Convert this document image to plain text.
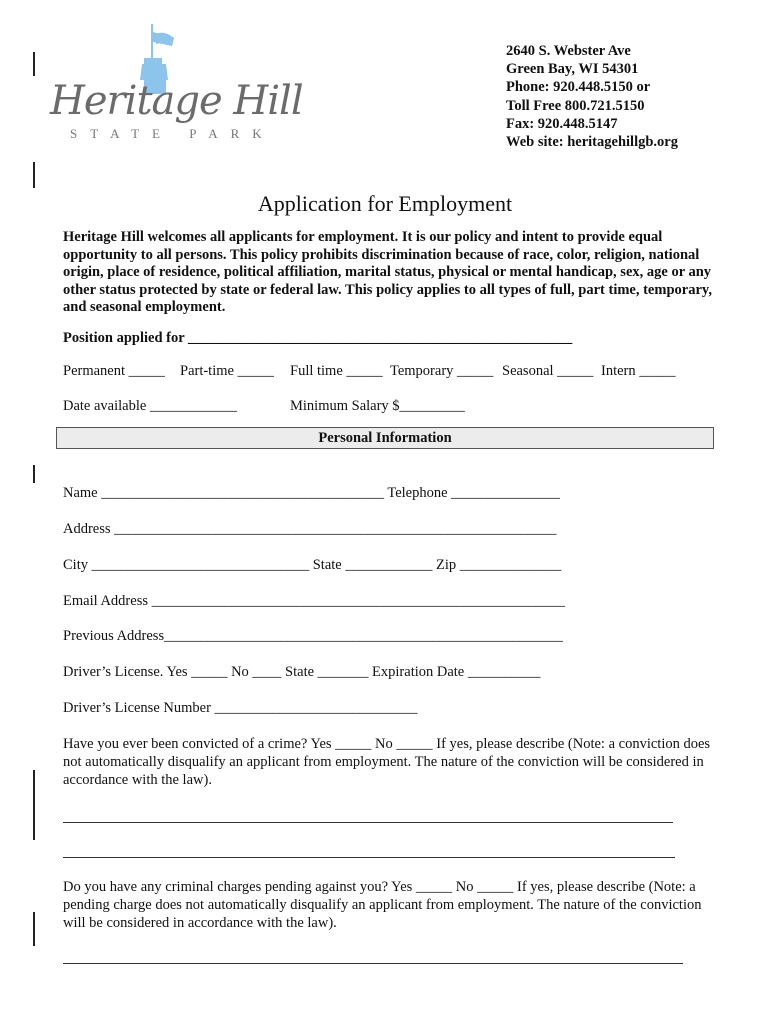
Heritage Hill
STATE PARK
2640 S. Webster Ave
Green Bay, WI 54301
Phone: 920.448.5150 or
Toll Free 800.721.5150
Fax: 920.448.5147
Web site: heritagehillgb.org
Application for Employment
Heritage Hill welcomes all applicants for employment. It is our policy and intent to provide equal opportunity to all persons. This policy prohibits discrimination because of race, color, religion, national origin, place of residence, political affiliation, marital status, physical or mental handicap, sex, age or any other status protected by state or federal law. This policy applies to all types of full, part time, temporary, and seasonal employment.
Position applied for _____________________________________________________
Permanent _____ Part-time _____ Full time _____ Temporary _____ Seasonal _____ Intern _____
Date available ____________	Minimum Salary $_________
Personal Information
Name _______________________________________ Telephone _______________
Address _____________________________________________________________
City ______________________________ State ____________ Zip ______________
Email Address _________________________________________________________
Previous Address_______________________________________________________
Driver’s License. Yes _____ No ____ State _______ Expiration Date __________
Driver’s License Number ____________________________
Have you ever been convicted of a crime? Yes _____ No _____ If yes, please describe (Note: a conviction does not automatically disqualify an applicant from employment. The nature of the conviction will be considered in accordance with the law).
Do you have any criminal charges pending against you? Yes _____ No _____ If yes, please describe (Note: a pending charge does not automatically disqualify an applicant from employment. The nature of the conviction will be considered in accordance with the law).
